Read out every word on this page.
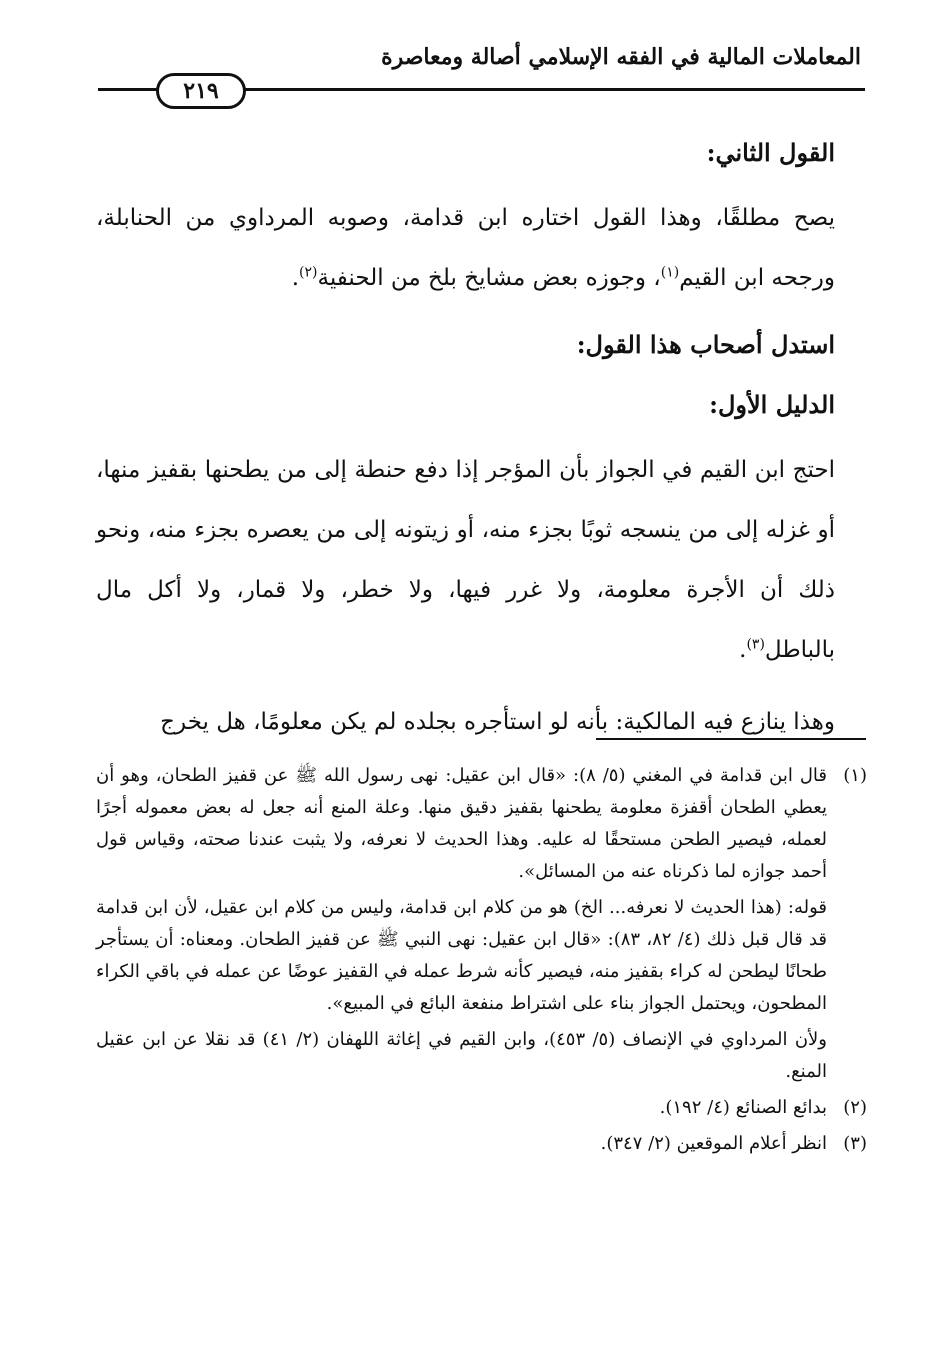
المعاملات المالية في الفقه الإسلامي أصالة ومعاصرة
٢١٩

القول الثاني:

يصح مطلقًا، وهذا القول اختاره ابن قدامة، وصوبه المرداوي من الحنابلة، ورجحه ابن القيم$^{(١)}$، وجوزه بعض مشايخ بلخ من الحنفية$^{(٢)}$.

استدل أصحاب هذا القول:

الدليل الأول:

احتج ابن القيم في الجواز بأن المؤجر إذا دفع حنطة إلى من يطحنها بقفيز منها، أو غزله إلى من ينسجه ثوبًا بجزء منه، أو زيتونه إلى من يعصره بجزء منه، ونحو ذلك أن الأجرة معلومة، ولا غرر فيها، ولا خطر، ولا قمار، ولا أكل مال بالباطل$^{(٣)}$.

وهذا ينازع فيه المالكية: بأنه لو استأجره بجلده لم يكن معلومًا، هل يخرج

(١)

قال ابن قدامة في المغني (٥/ ٨): «قال ابن عقيل: نهى رسول الله ﷺ عن قفيز الطحان، وهو أن يعطي الطحان أقفزة معلومة يطحنها بقفيز دقيق منها. وعلة المنع أنه جعل له بعض معموله أجرًا لعمله، فيصير الطحن مستحقًا له عليه. وهذا الحديث لا نعرفه، ولا يثبت عندنا صحته، وقياس قول أحمد جوازه لما ذكرناه عنه من المسائل».

قوله: (هذا الحديث لا نعرفه... الخ) هو من كلام ابن قدامة، وليس من كلام ابن عقيل، لأن ابن قدامة قد قال قبل ذلك (٤/ ٨٢، ٨٣): «قال ابن عقيل: نهى النبي ﷺ عن قفيز الطحان. ومعناه: أن يستأجر طحانًا ليطحن له كراء بقفيز منه، فيصير كأنه شرط عمله في القفيز عوضًا عن عمله في باقي الكراء المطحون، ويحتمل الجواز بناء على اشتراط منفعة البائع في المبيع».

ولأن المرداوي في الإنصاف (٥/ ٤٥٣)، وابن القيم في إغاثة اللهفان (٢/ ٤١) قد نقلا عن ابن عقيل المنع.

(٢)

بدائع الصنائع (٤/ ١٩٢).

(٣)

انظر أعلام الموقعين (٢/ ٣٤٧).
